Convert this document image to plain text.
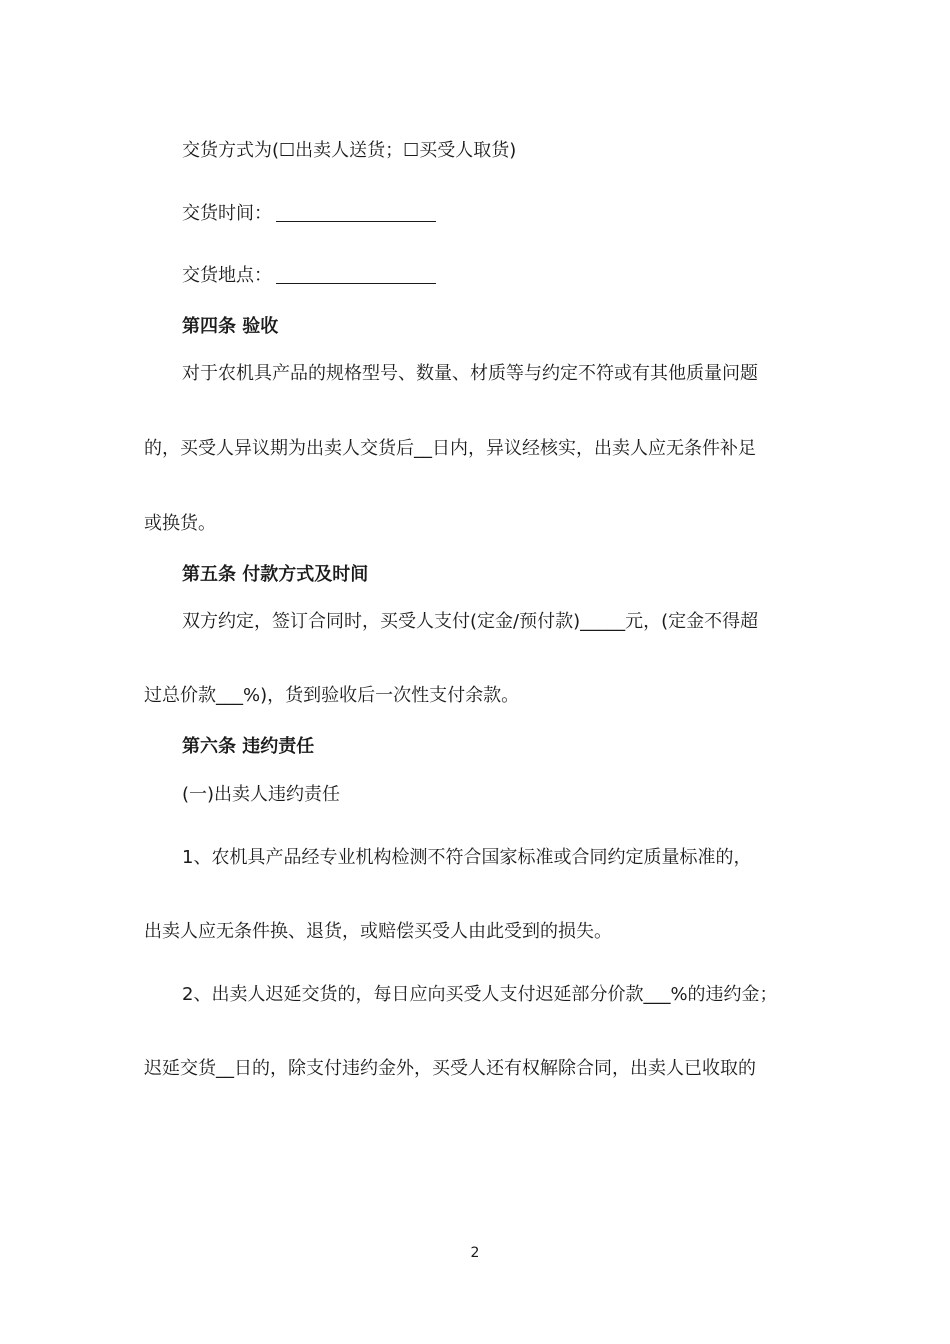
交货方式为(☐出卖人送货；☐买受人取货)
交货时间：
交货地点：
第四条 验收
对于农机具产品的规格型号、数量、材质等与约定不符或有其他质量问题
的，买受人异议期为出卖人交货后__日内，异议经核实，出卖人应无条件补足
或换货。
第五条 付款方式及时间
双方约定，签订合同时，买受人支付(定金/预付款)_____元，(定金不得超
过总价款___%)，货到验收后一次性支付余款。
第六条 违约责任
(一)出卖人违约责任
1、农机具产品经专业机构检测不符合国家标准或合同约定质量标准的，
出卖人应无条件换、退货，或赔偿买受人由此受到的损失。
2、出卖人迟延交货的，每日应向买受人支付迟延部分价款___%的违约金；
迟延交货__日的，除支付违约金外，买受人还有权解除合同，出卖人已收取的
2
